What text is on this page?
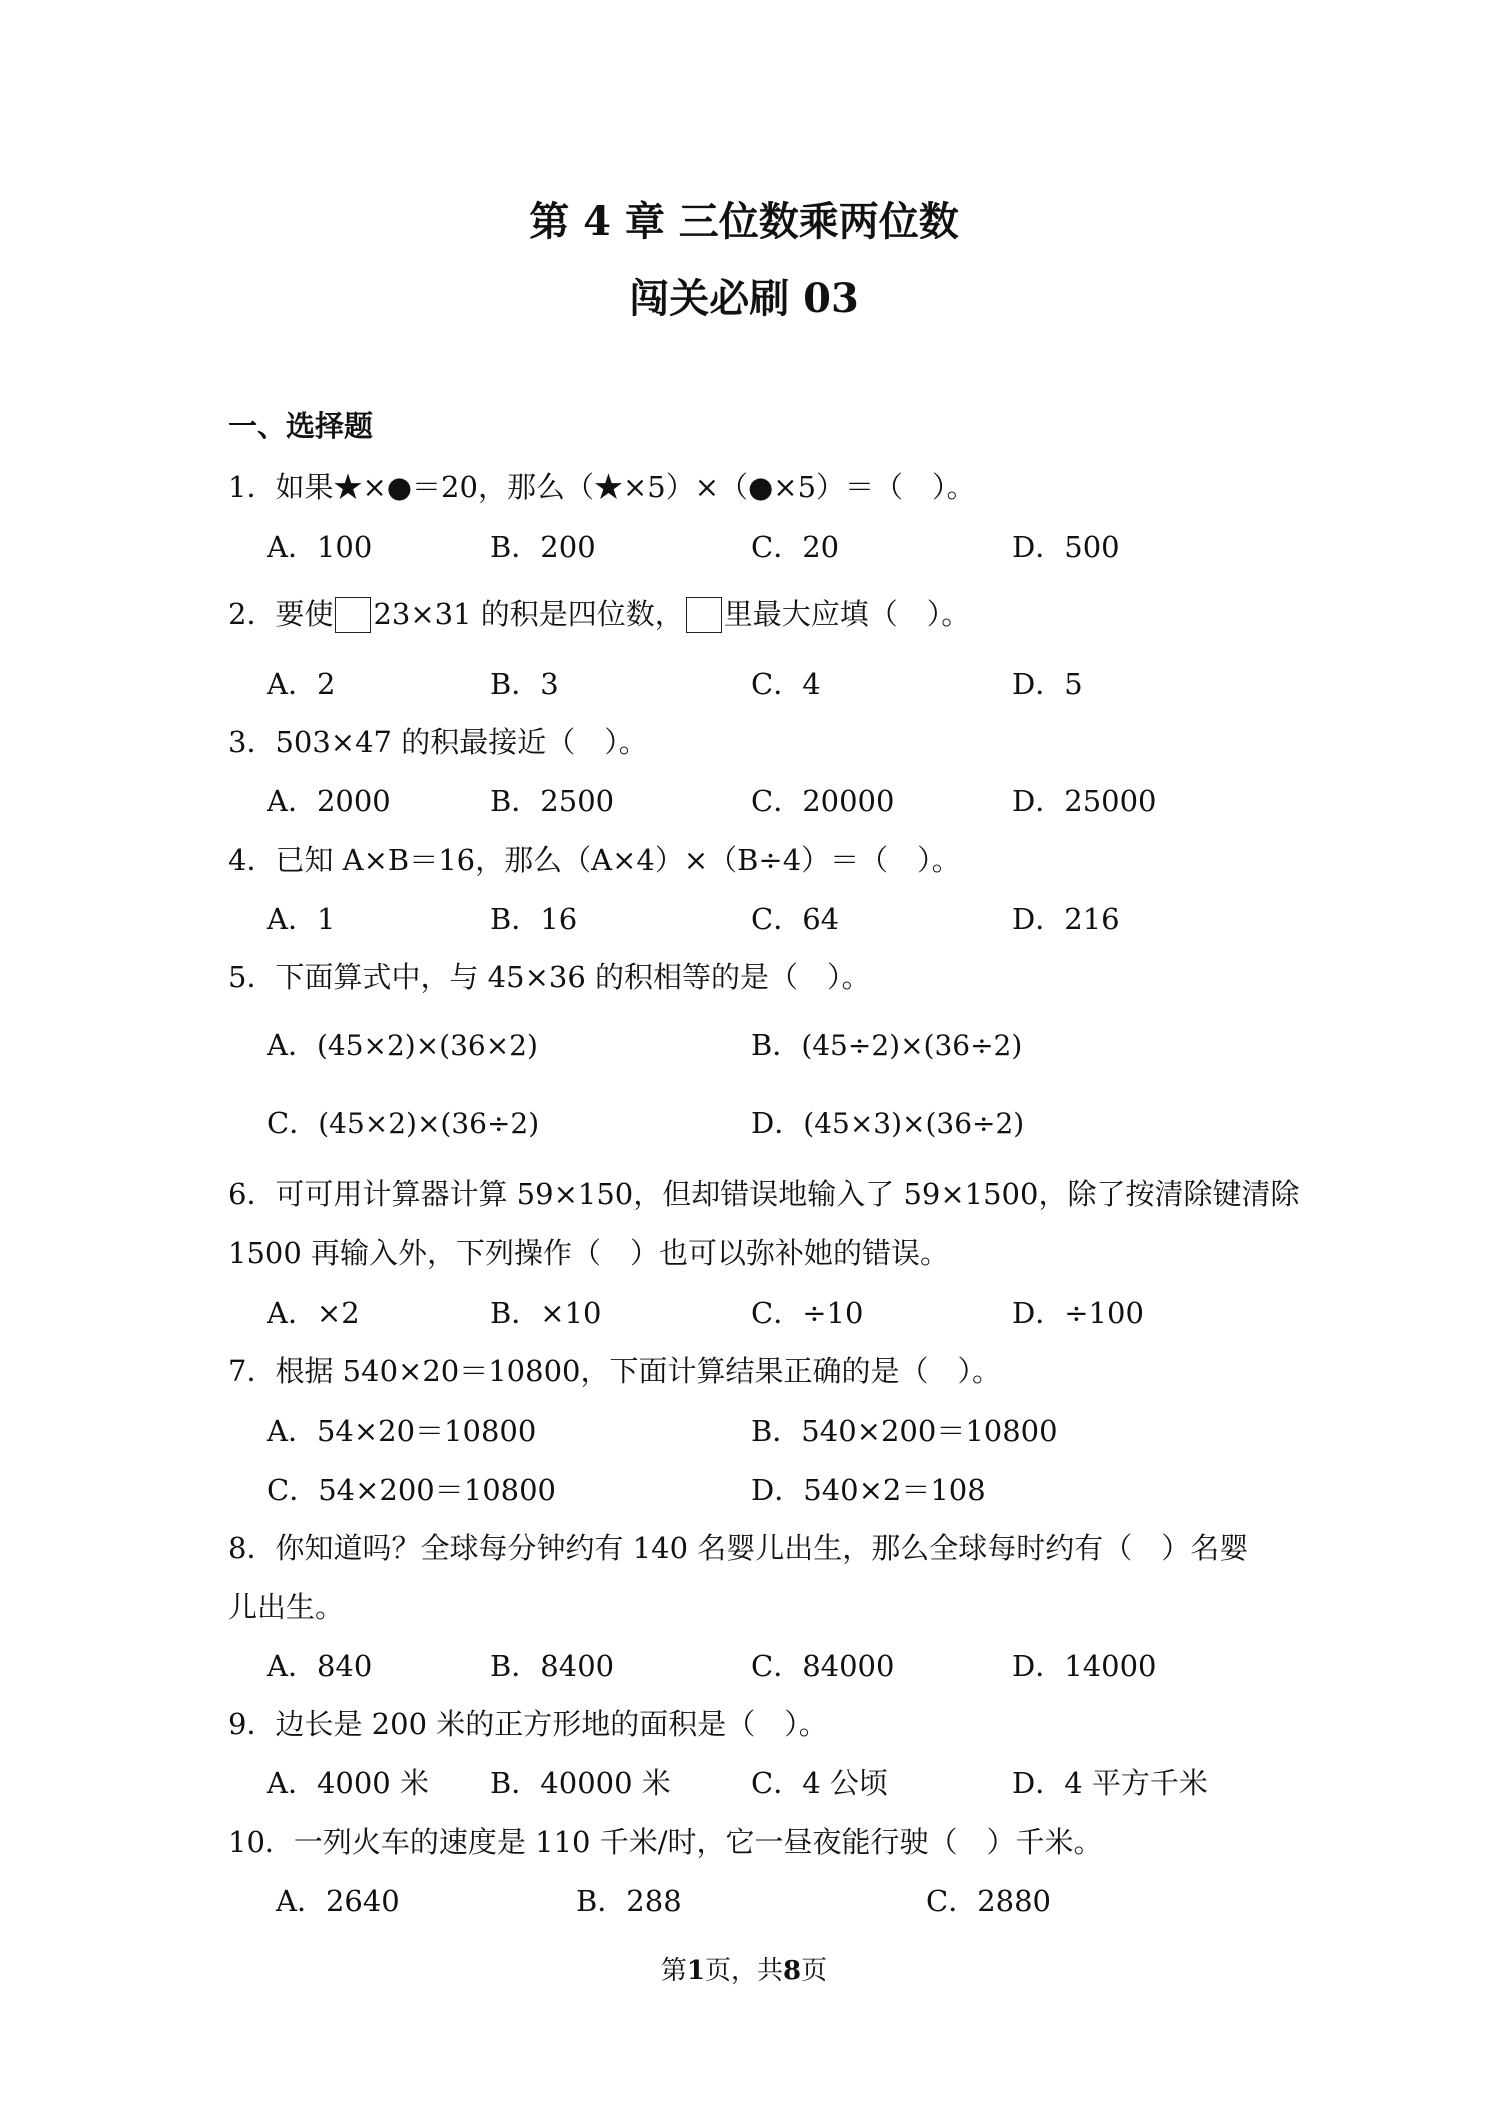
第 4 章 三位数乘两位数
闯关必刷 03
一、选择题
1．如果★×●＝20，那么（★×5）×（●×5）＝（　）。
A．100	B．200	C．20	D．500
2．要使 23×31 的积是四位数， 里最大应填（　）。
A．2	B．3	C．4	D．5
3．503×47 的积最接近（　）。
A．2000	B．2500	C．20000	D．25000
4．已知 A×B＝16，那么（A×4）×（B÷4）＝（　）。
A．1	B．16	C．64	D．216
5．下面算式中，与 45×36 的积相等的是（　）。
A．(45×2)×(36×2)	B．(45÷2)×(36÷2)
C．(45×2)×(36÷2)	D．(45×3)×(36÷2)
6．可可用计算器计算 59×150，但却错误地输入了 59×1500，除了按清除键清除
1500 再输入外，下列操作（　）也可以弥补她的错误。
A．×2	B．×10	C．÷10	D．÷100
7．根据 540×20＝10800，下面计算结果正确的是（　）。
A．54×20＝10800	B．540×200＝10800
C．54×200＝10800	D．540×2＝108
8．你知道吗？全球每分钟约有 140 名婴儿出生，那么全球每时约有（　）名婴
儿出生。
A．840	B．8400	C．84000	D．14000
9．边长是 200 米的正方形地的面积是（　）。
A．4000 米 B．40000 米	C．4 公顷	D．4 平方千米
10．一列火车的速度是 110 千米/时，它一昼夜能行驶（　）千米。
A．2640	B．288	C．2880
第1页，共8页
